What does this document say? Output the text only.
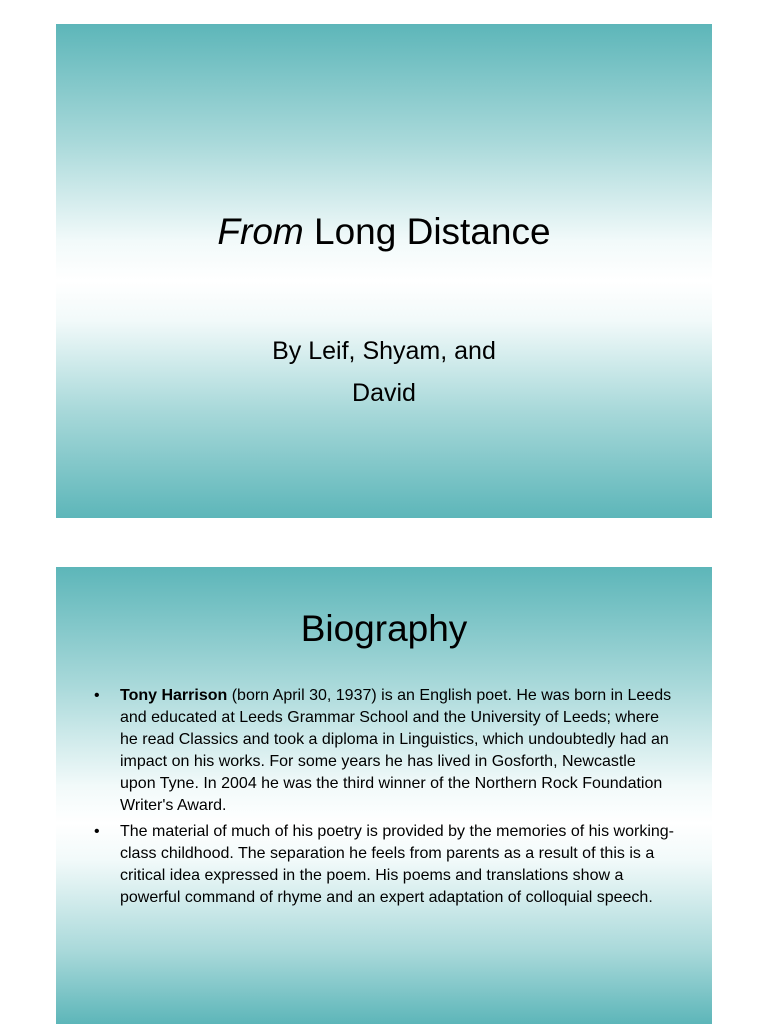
From Long Distance
By Leif, Shyam, and
David
Biography
• Tony Harrison (born April 30, 1937) is an English poet. He was born in Leeds and educated at Leeds Grammar School and the University of Leeds; where he read Classics and took a diploma in Linguistics, which undoubtedly had an impact on his works. For some years he has lived in Gosforth, Newcastle upon Tyne. In 2004 he was the third winner of the Northern Rock Foundation Writer's Award.
• The material of much of his poetry is provided by the memories of his working-class childhood. The separation he feels from parents as a result of this is a critical idea expressed in the poem. His poems and translations show a powerful command of rhyme and an expert adaptation of colloquial speech.
